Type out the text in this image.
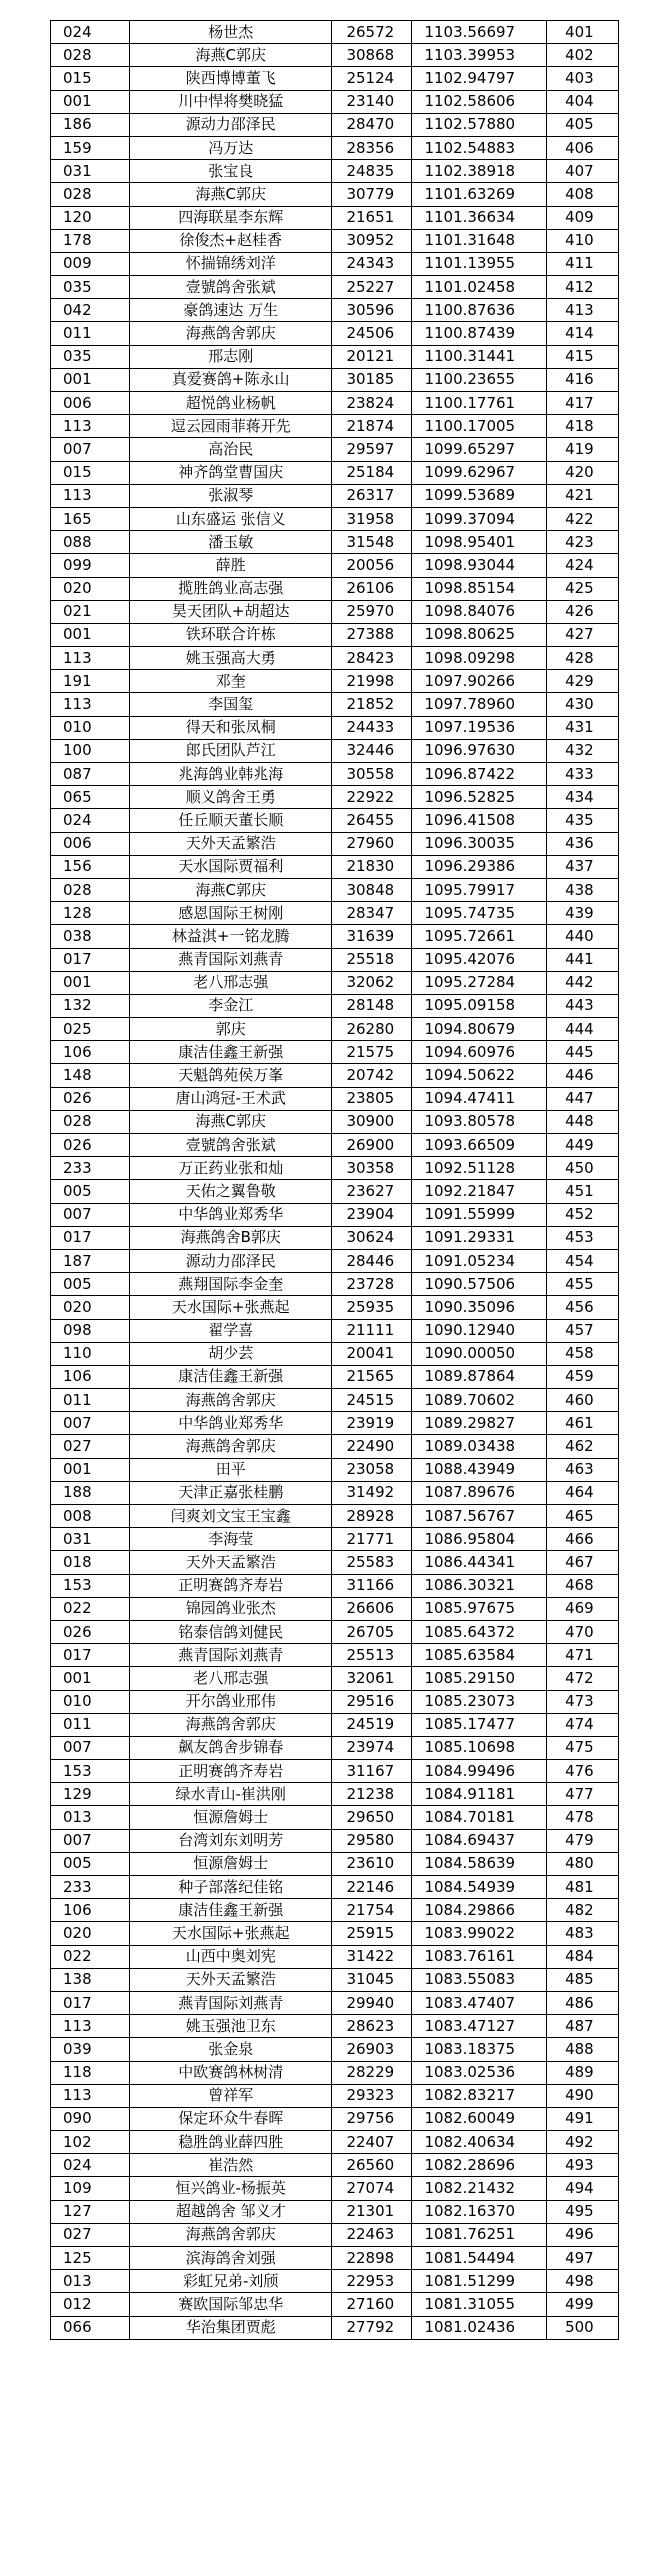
024	杨世杰	26572	1103.56697	401
028	海燕C郭庆	30868	1103.39953	402
015	陕西博博董飞	25124	1102.94797	403
001	川中悍将樊晓猛	23140	1102.58606	404
186	源动力邵泽民	28470	1102.57880	405
159	冯万达	28356	1102.54883	406
031	张宝良	24835	1102.38918	407
028	海燕C郭庆	30779	1101.63269	408
120	四海联星李东辉	21651	1101.36634	409
178	徐俊杰+赵桂香	30952	1101.31648	410
009	怀揣锦绣刘洋	24343	1101.13955	411
035	壹號鸽舍张斌	25227	1101.02458	412
042	豪鸽速达 万生	30596	1100.87636	413
011	海燕鸽舍郭庆	24506	1100.87439	414
035	邢志刚	20121	1100.31441	415
001	真爱赛鸽+陈永山	30185	1100.23655	416
006	超悦鸽业杨帆	23824	1100.17761	417
113	逗云园雨菲蒋开先	21874	1100.17005	418
007	高治民	29597	1099.65297	419
015	神齐鸽堂曹国庆	25184	1099.62967	420
113	张淑琴	26317	1099.53689	421
165	山东盛运 张信义	31958	1099.37094	422
088	潘玉敏	31548	1098.95401	423
099	薛胜	20056	1098.93044	424
020	揽胜鸽业高志强	26106	1098.85154	425
021	昊天团队+胡超达	25970	1098.84076	426
001	铁环联合许栋	27388	1098.80625	427
113	姚玉强高大勇	28423	1098.09298	428
191	邓奎	21998	1097.90266	429
113	李国玺	21852	1097.78960	430
010	得天和张凤桐	24433	1097.19536	431
100	郎氏团队芦江	32446	1096.97630	432
087	兆海鸽业韩兆海	30558	1096.87422	433
065	顺义鸽舍王勇	22922	1096.52825	434
024	任丘顺天董长顺	26455	1096.41508	435
006	天外天孟繁浩	27960	1096.30035	436
156	天水国际贾福利	21830	1096.29386	437
028	海燕C郭庆	30848	1095.79917	438
128	感恩国际王树刚	28347	1095.74735	439
038	林益淇+一铭龙腾	31639	1095.72661	440
017	燕青国际刘燕青	25518	1095.42076	441
001	老八邢志强	32062	1095.27284	442
132	李金江	28148	1095.09158	443
025	郭庆	26280	1094.80679	444
106	康洁佳鑫王新强	21575	1094.60976	445
148	天魁鸽苑侯万峯	20742	1094.50622	446
026	唐山鸿冠-王术武	23805	1094.47411	447
028	海燕C郭庆	30900	1093.80578	448
026	壹號鸽舍张斌	26900	1093.66509	449
233	万正药业张和灿	30358	1092.51128	450
005	天佑之翼鲁敬	23627	1092.21847	451
007	中华鸽业郑秀华	23904	1091.55999	452
017	海燕鸽舍B郭庆	30624	1091.29331	453
187	源动力邵泽民	28446	1091.05234	454
005	燕翔国际李金奎	23728	1090.57506	455
020	天水国际+张燕起	25935	1090.35096	456
098	翟学喜	21111	1090.12940	457
110	胡少芸	20041	1090.00050	458
106	康洁佳鑫王新强	21565	1089.87864	459
011	海燕鸽舍郭庆	24515	1089.70602	460
007	中华鸽业郑秀华	23919	1089.29827	461
027	海燕鸽舍郭庆	22490	1089.03438	462
001	田平	23058	1088.43949	463
188	天津正嘉张桂鹏	31492	1087.89676	464
008	闫爽刘文宝王宝鑫	28928	1087.56767	465
031	李海莹	21771	1086.95804	466
018	天外天孟繁浩	25583	1086.44341	467
153	正明赛鸽齐寿岩	31166	1086.30321	468
022	锦园鸽业张杰	26606	1085.97675	469
026	铭泰信鸽刘健民	26705	1085.64372	470
017	燕青国际刘燕青	25513	1085.63584	471
001	老八邢志强	32061	1085.29150	472
010	开尔鸽业邢伟	29516	1085.23073	473
011	海燕鸽舍郭庆	24519	1085.17477	474
007	飙友鸽舍步锦春	23974	1085.10698	475
153	正明赛鸽齐寿岩	31167	1084.99496	476
129	绿水青山-崔洪刚	21238	1084.91181	477
013	恒源詹姆士	29650	1084.70181	478
007	台湾刘东刘明芳	29580	1084.69437	479
005	恒源詹姆士	23610	1084.58639	480
233	种子部落纪佳铭	22146	1084.54939	481
106	康洁佳鑫王新强	21754	1084.29866	482
020	天水国际+张燕起	25915	1083.99022	483
022	山西中奥刘宪	31422	1083.76161	484
138	天外天孟繁浩	31045	1083.55083	485
017	燕青国际刘燕青	29940	1083.47407	486
113	姚玉强池卫东	28623	1083.47127	487
039	张金泉	26903	1083.18375	488
118	中欧赛鸽林树清	28229	1083.02536	489
113	曾祥军	29323	1082.83217	490
090	保定环众牛春晖	29756	1082.60049	491
102	稳胜鸽业薛四胜	22407	1082.40634	492
024	崔浩然	26560	1082.28696	493
109	恒兴鸽业-杨振英	27074	1082.21432	494
127	超越鸽舍 邹义才	21301	1082.16370	495
027	海燕鸽舍郭庆	22463	1081.76251	496
125	滨海鸽舍刘强	22898	1081.54494	497
013	彩虹兄弟-刘颀	22953	1081.51299	498
012	赛欧国际邹忠华	27160	1081.31055	499
066	华治集团贾彪	27792	1081.02436	500
